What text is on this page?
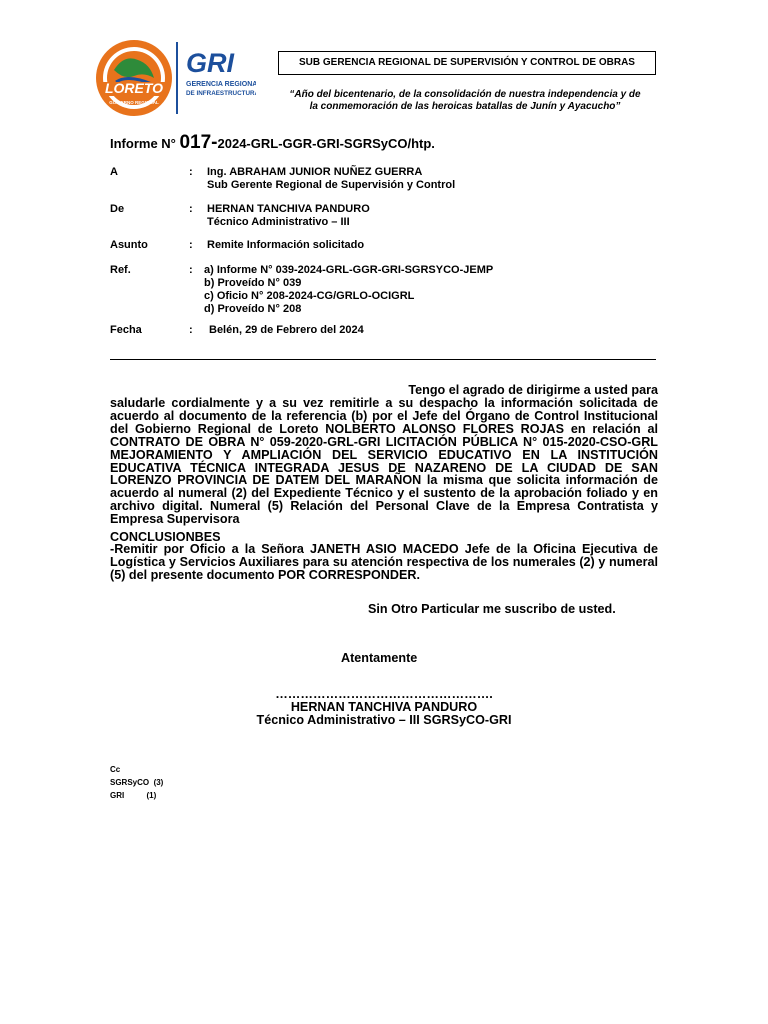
LORETO
GOBIERNO REGIONAL
GRI
GERENCIA REGIONAL
DE INFRAESTRUCTURA
SUB GERENCIA REGIONAL DE SUPERVISIÓN Y CONTROL DE OBRAS
“Año del bicentenario, de la consolidación de nuestra independencia y de
la conmemoración de las heroicas batallas de Junín y Ayacucho”
Informe N° 017-2024-GRL-GGR-GRI-SGRSyCO/htp.
A	: Ing. ABRAHAM JUNIOR NUÑEZ GUERRA
Sub Gerente Regional de Supervisión y Control
De	: HERNAN TANCHIVA PANDURO
Técnico Administrativo – III
Asunto	: Remite Información solicitado
Ref.	: a) Informe N° 039-2024-GRL-GGR-GRI-SGRSYCO-JEMP
b) Proveído N° 039
c) Oficio N° 208-2024-CG/GRLO-OCIGRL
d) Proveído N° 208
Fecha	: Belén, 29 de Febrero del 2024
Tengo el agrado de dirigirme a usted para
saludarle cordialmente y a su vez remitirle a su despacho la información solicitada de acuerdo al documento de la referencia (b) por el Jefe del Órgano de Control Institucional del Gobierno Regional de Loreto NOLBERTO ALONSO FLORES ROJAS en relación al CONTRATO DE OBRA N° 059-2020-GRL-GRI LICITACIÓN PÚBLICA N° 015-2020-CSO-GRL MEJORAMIENTO Y AMPLIACIÓN DEL SERVICIO EDUCATIVO EN LA INSTITUCIÓN EDUCATIVA TÉCNICA INTEGRADA JESUS DE NAZARENO DE LA CIUDAD DE SAN LORENZO PROVINCIA DE DATEM DEL MARAÑON la misma que solicita información de acuerdo al numeral (2) del Expediente Técnico y el sustento de la aprobación foliado y en archivo digital. Numeral (5) Relación del Personal Clave de la Empresa Contratista y Empresa Supervisora
CONCLUSIONBES
-Remitir por Oficio a la Señora JANETH ASIO MACEDO Jefe de la Oficina Ejecutiva de Logística y Servicios Auxiliares para su atención respectiva de los numerales (2) y numeral (5) del presente documento POR CORRESPONDER.
Sin Otro Particular me suscribo de usted.
Atentamente
…………………………………………….
HERNAN TANCHIVA PANDURO
Técnico Administrativo – III SGRSyCO-GRI
Cc
SGRSyCO  (3)
GRI          (1)
